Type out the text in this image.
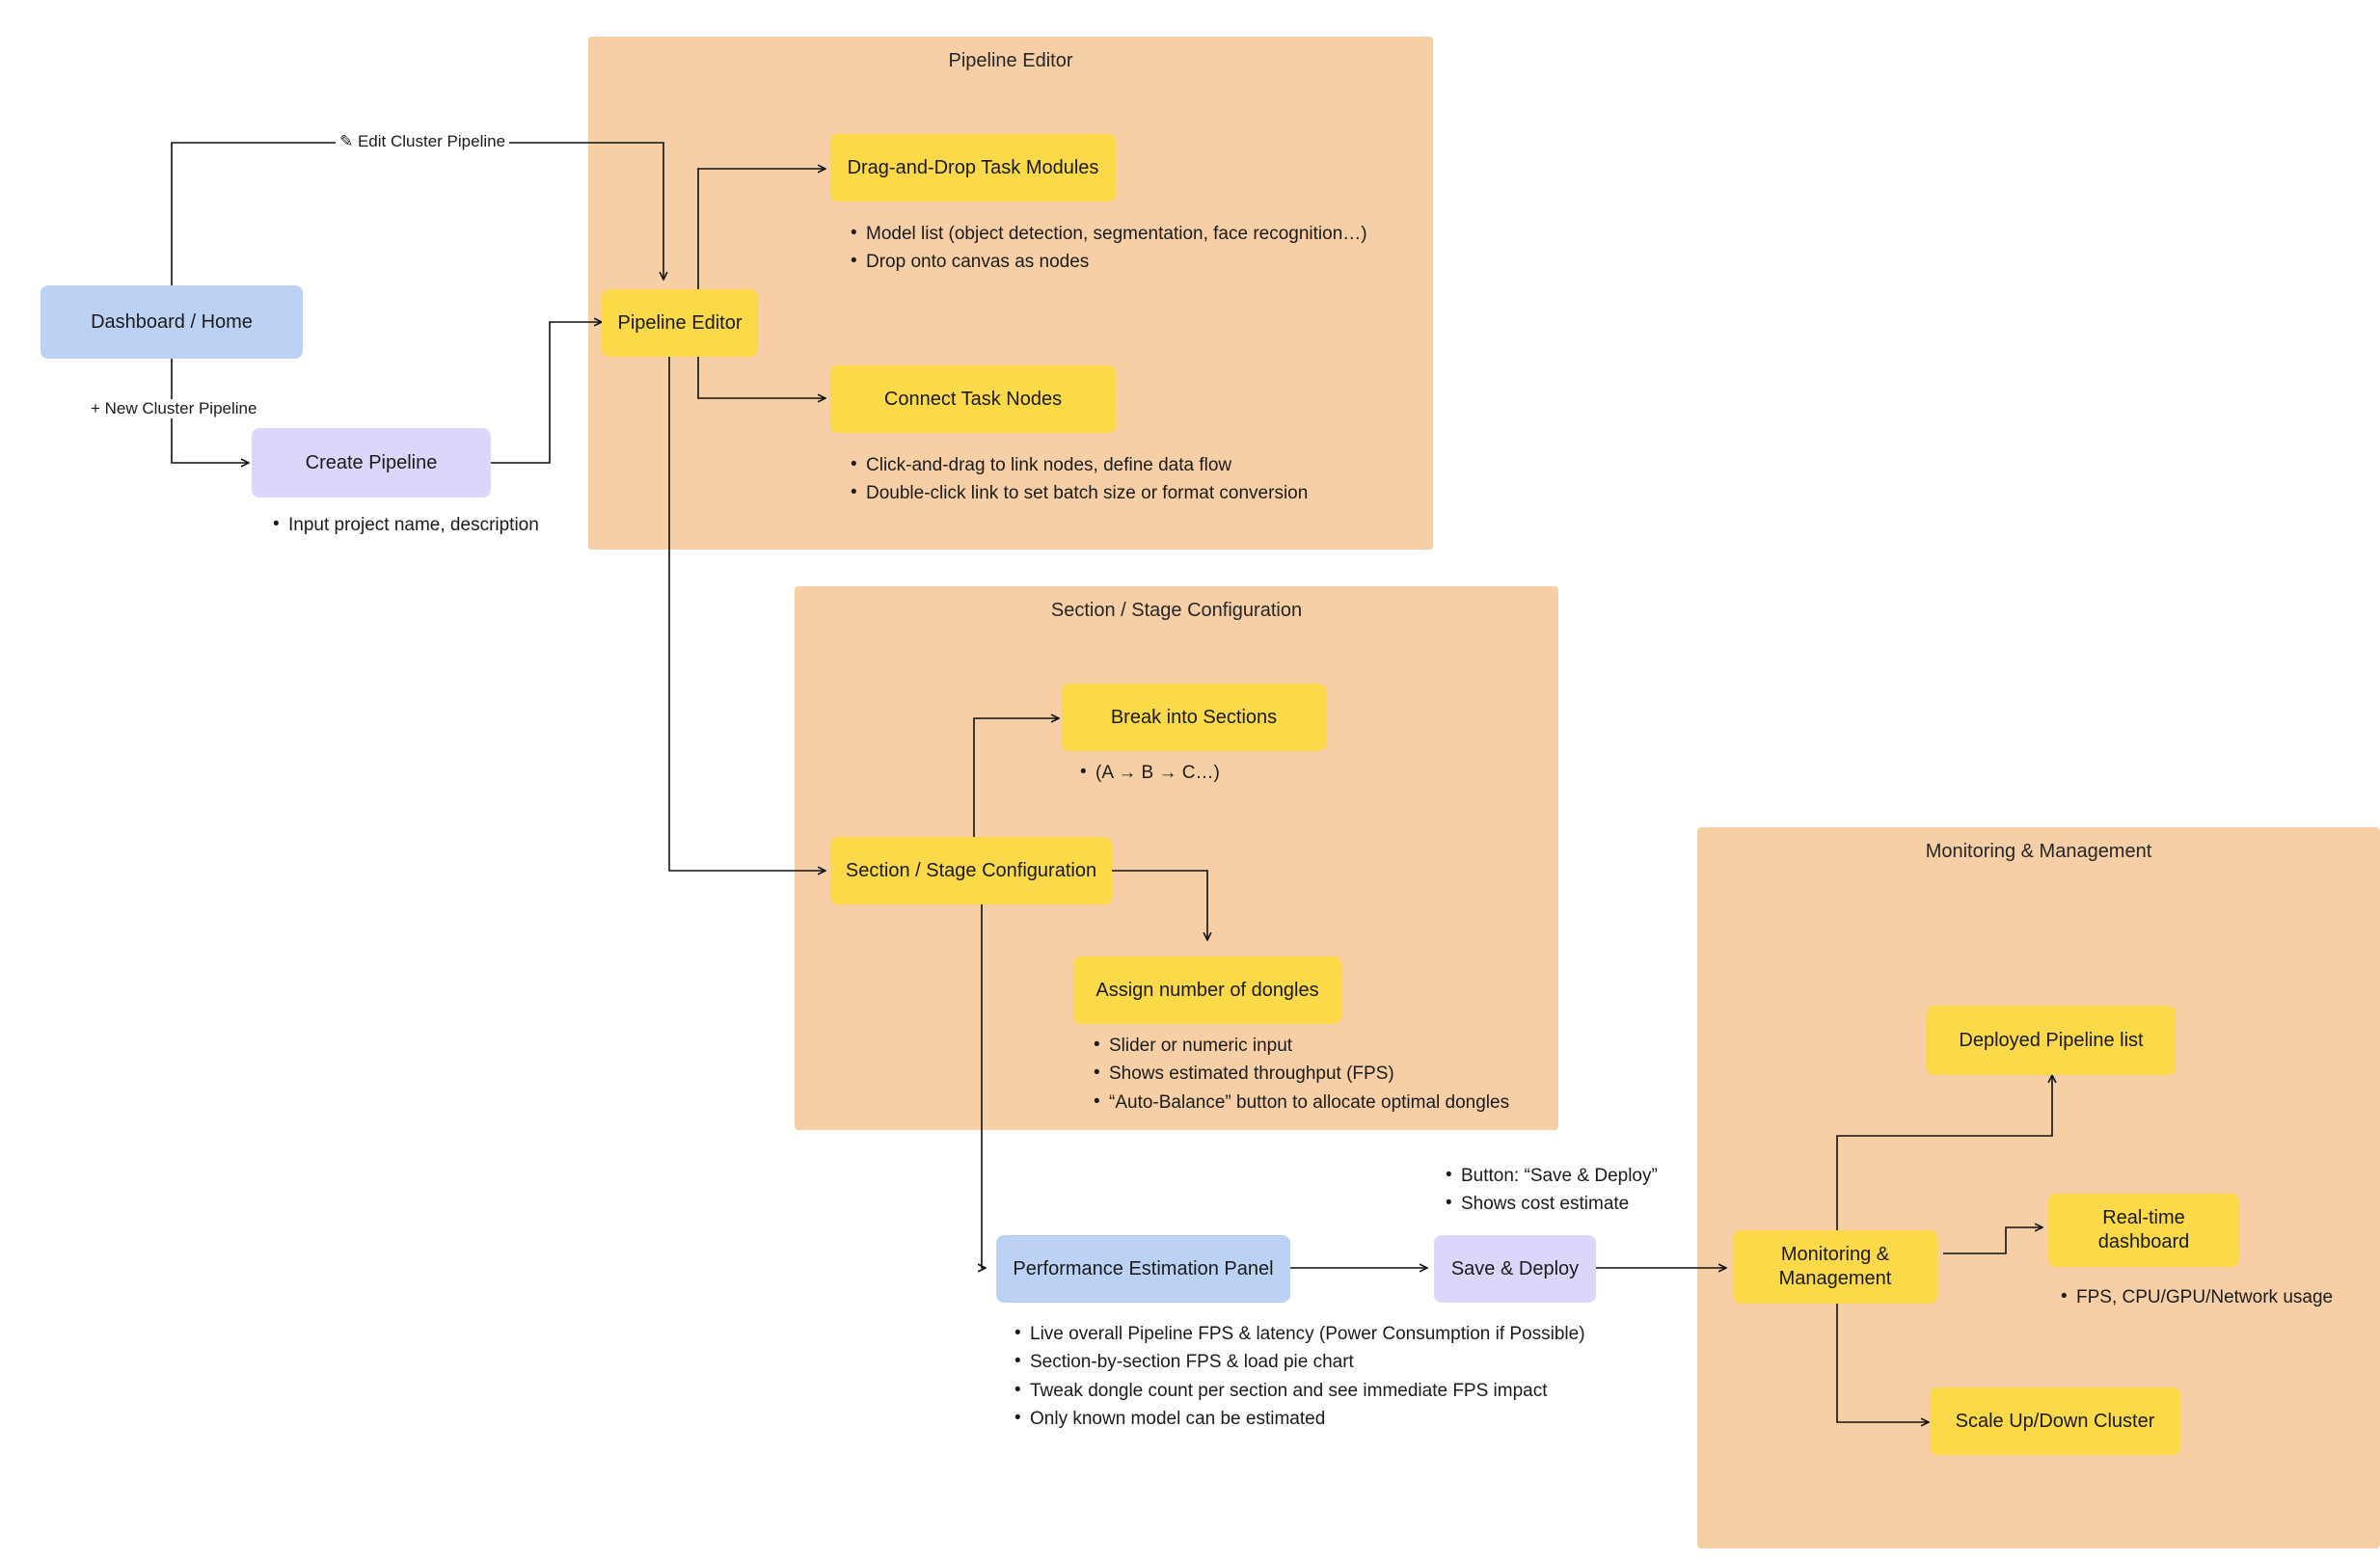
Pipeline Editor
Section / Stage Configuration
Monitoring & Management
✎ Edit Cluster Pipeline
+ New Cluster Pipeline
Dashboard / Home
Create Pipeline
Pipeline Editor
Drag-and-Drop Task Modules
Connect Task Nodes
Section / Stage Configuration
Break into Sections
Assign number of dongles
Performance Estimation Panel	Save & Deploy
Monitoring & Management
Deployed Pipeline list
Real-time dashboard
Scale Up/Down Cluster
• Input project name, description
• Model list (object detection, segmentation, face recognition…)
• Drop onto canvas as nodes
• Click-and-drag to link nodes, define data flow
• Double-click link to set batch size or format conversion
• (A → B → C…)
• Slider or numeric input
• Shows estimated throughput (FPS)
• “Auto-Balance” button to allocate optimal dongles
• Live overall Pipeline FPS & latency (Power Consumption if Possible)
• Section-by-section FPS & load pie chart
• Tweak dongle count per section and see immediate FPS impact
• Only known model can be estimated
• Button: “Save & Deploy”
• Shows cost estimate
• FPS, CPU/GPU/Network usage
